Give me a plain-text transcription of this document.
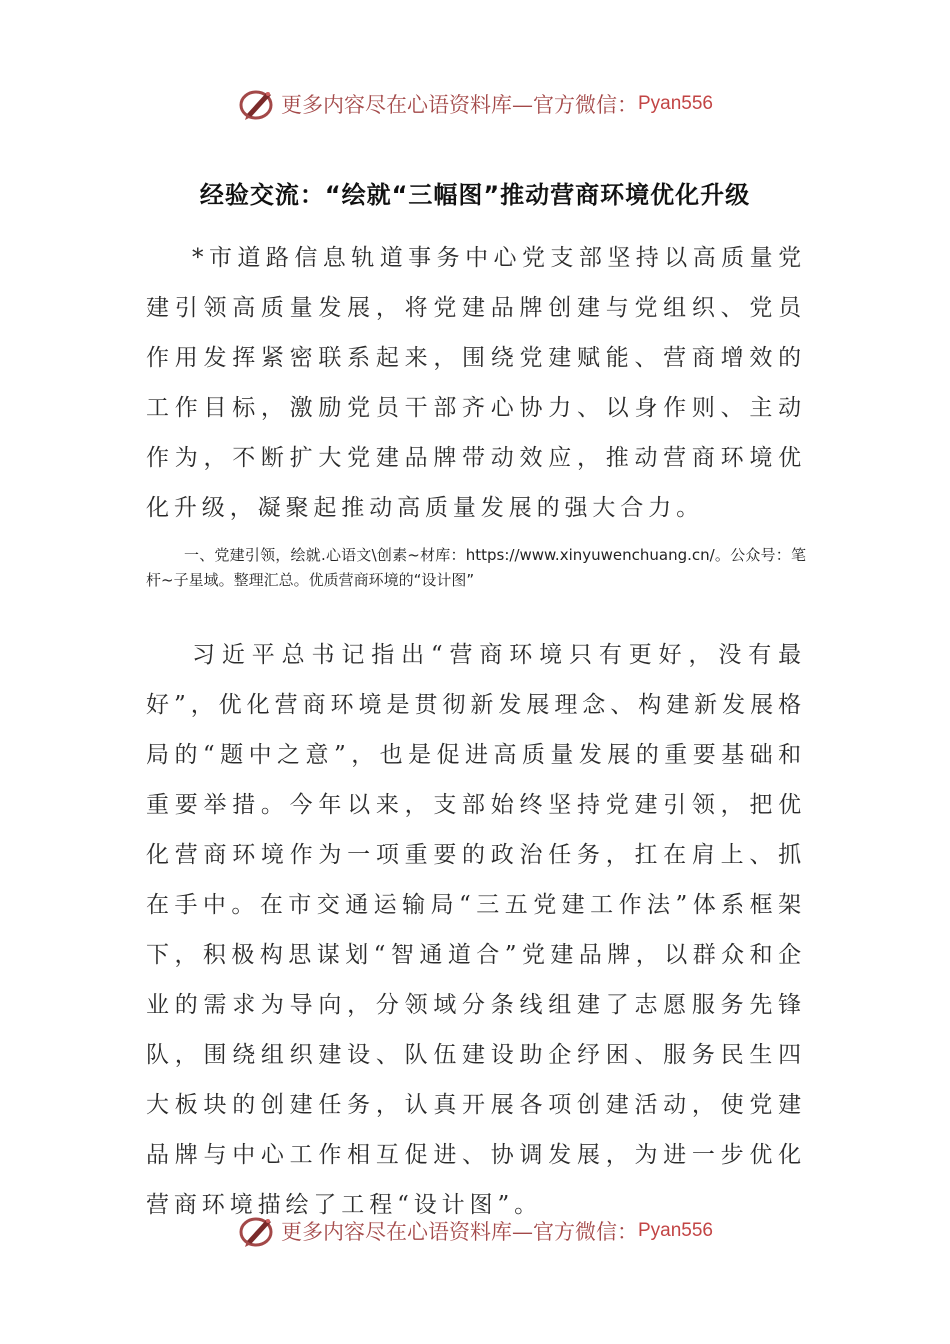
更多内容尽在心语资料库—官方微信： Pyan556
经验交流：“绘就“三幅图”推动营商环境优化升级

*市道路信息轨道事务中心党支部坚持以高质量党建引领高质量发展，将党建品牌创建与党组织、党员作用发挥紧密联系起来，围绕党建赋能、营商增效的工作目标，激励党员干部齐心协力、以身作则、主动作为，不断扩大党建品牌带动效应，推动营商环境优化升级，凝聚起推动高质量发展的强大合力。

一、党建引领，绘就.心语文\创素~材库：https://www.xinyuwenchuang.cn/。公众号：笔杆~子星域。整理汇总。优质营商环境的“设计图”

习近平总书记指出“营商环境只有更好，没有最好”，优化营商环境是贯彻新发展理念、构建新发展格局的“题中之意”，也是促进高质量发展的重要基础和重要举措。今年以来，支部始终坚持党建引领，把优化营商环境作为一项重要的政治任务，扛在肩上、抓在手中。在市交通运输局“三五党建工作法”体系框架下，积极构思谋划“智通道合”党建品牌，以群众和企业的需求为导向，分领域分条线组建了志愿服务先锋队，围绕组织建设、队伍建设助企纾困、服务民生四大板块的创建任务，认真开展各项创建活动，使党建品牌与中心工作相互促进、协调发展，为进一步优化营商环境描绘了工程“设计图”。

更多内容尽在心语资料库—官方微信： Pyan556
